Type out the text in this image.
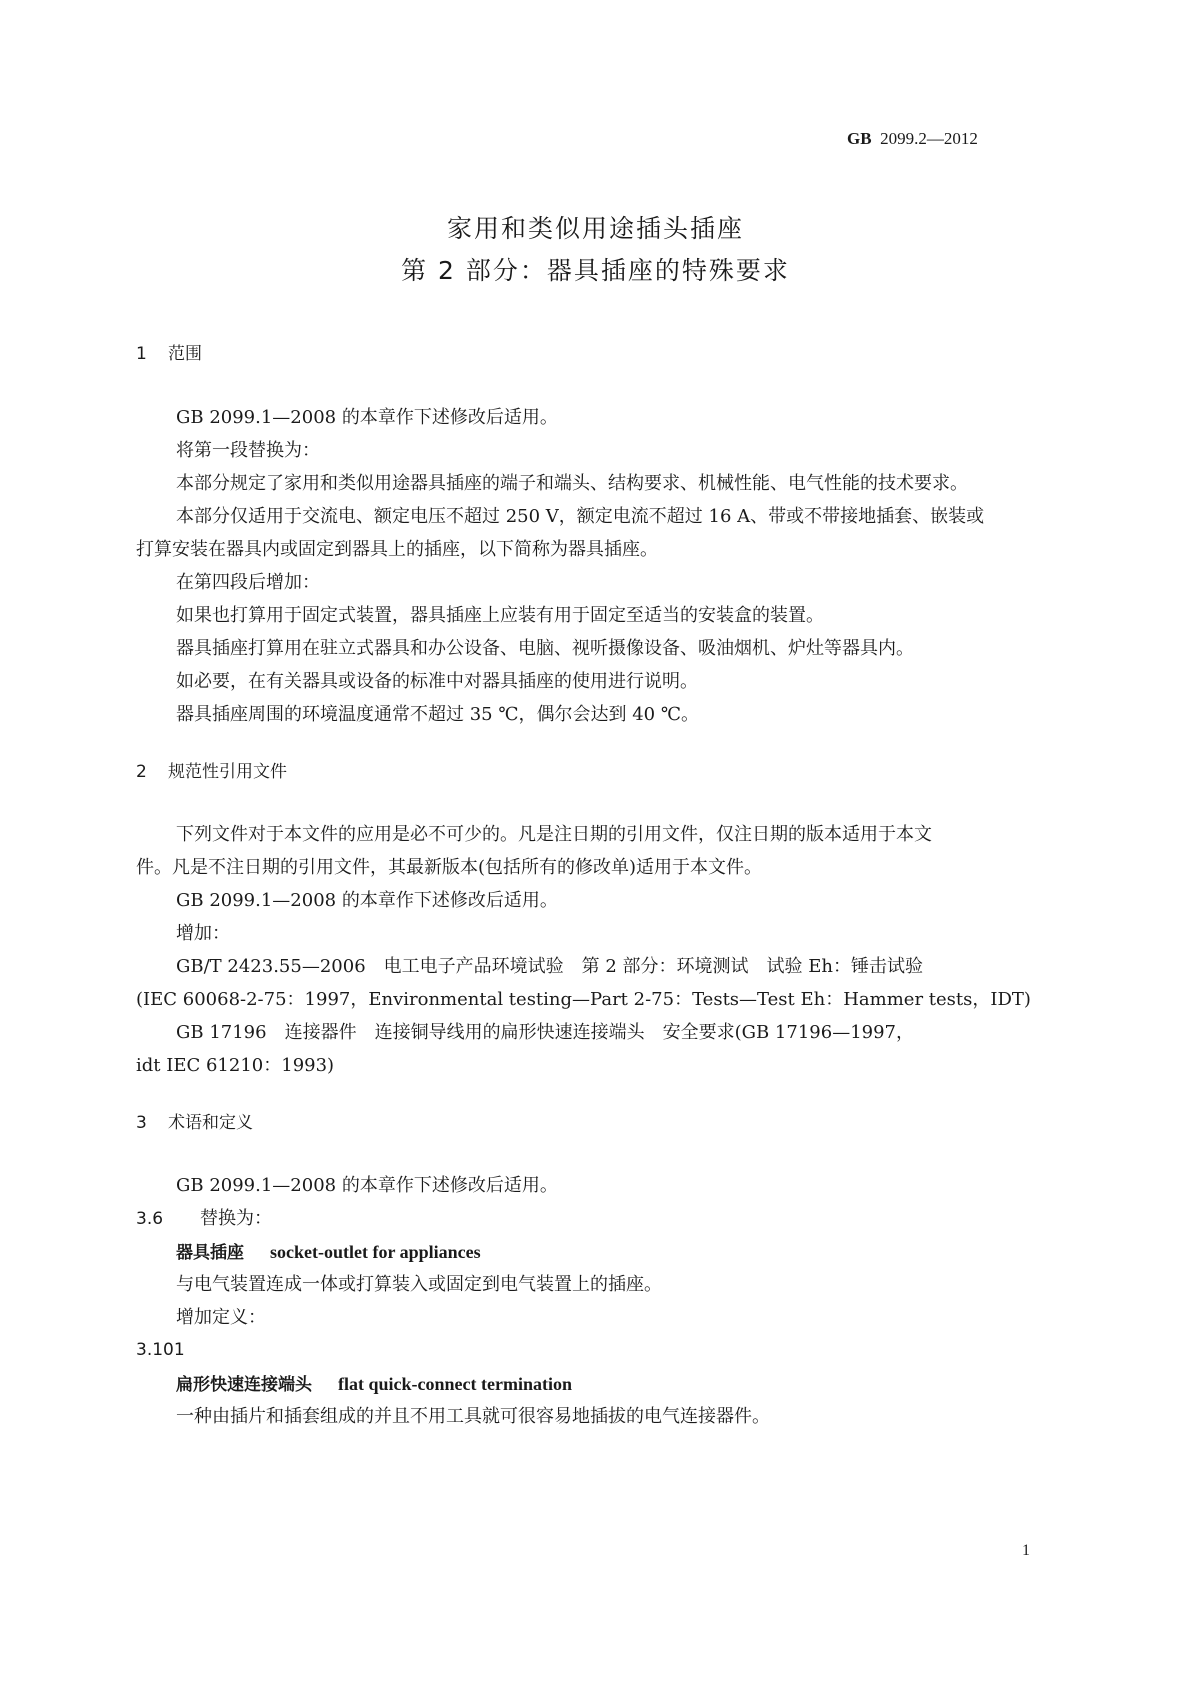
GB 2099.2—2012
家用和类似用途插头插座
第 2 部分：器具插座的特殊要求
1 范围
GB 2099.1—2008 的本章作下述修改后适用。
将第一段替换为：
本部分规定了家用和类似用途器具插座的端子和端头、结构要求、机械性能、电气性能的技术要求。
本部分仅适用于交流电、额定电压不超过 250 V，额定电流不超过 16 A、带或不带接地插套、嵌装或
打算安装在器具内或固定到器具上的插座，以下简称为器具插座。
在第四段后增加：
如果也打算用于固定式装置，器具插座上应装有用于固定至适当的安装盒的装置。
器具插座打算用在驻立式器具和办公设备、电脑、视听摄像设备、吸油烟机、炉灶等器具内。
如必要，在有关器具或设备的标准中对器具插座的使用进行说明。
器具插座周围的环境温度通常不超过 35 ℃，偶尔会达到 40 ℃。
2 规范性引用文件
下列文件对于本文件的应用是必不可少的。凡是注日期的引用文件，仅注日期的版本适用于本文
件。凡是不注日期的引用文件，其最新版本(包括所有的修改单)适用于本文件。
GB 2099.1—2008 的本章作下述修改后适用。
增加：
GB/T 2423.55—2006　电工电子产品环境试验　第 2 部分：环境测试　试验 Eh：锤击试验
(IEC 60068-2-75：1997，Environmental testing—Part 2-75：Tests—Test Eh：Hammer tests，IDT)
GB 17196　连接器件　连接铜导线用的扁形快速连接端头　安全要求(GB 17196—1997，
idt IEC 61210：1993)
3 术语和定义
GB 2099.1—2008 的本章作下述修改后适用。
3.6 替换为：
器具插座 socket-outlet for appliances
与电气装置连成一体或打算装入或固定到电气装置上的插座。
增加定义：
3.101
扁形快速连接端头 flat quick-connect termination
一种由插片和插套组成的并且不用工具就可很容易地插拔的电气连接器件。
1
